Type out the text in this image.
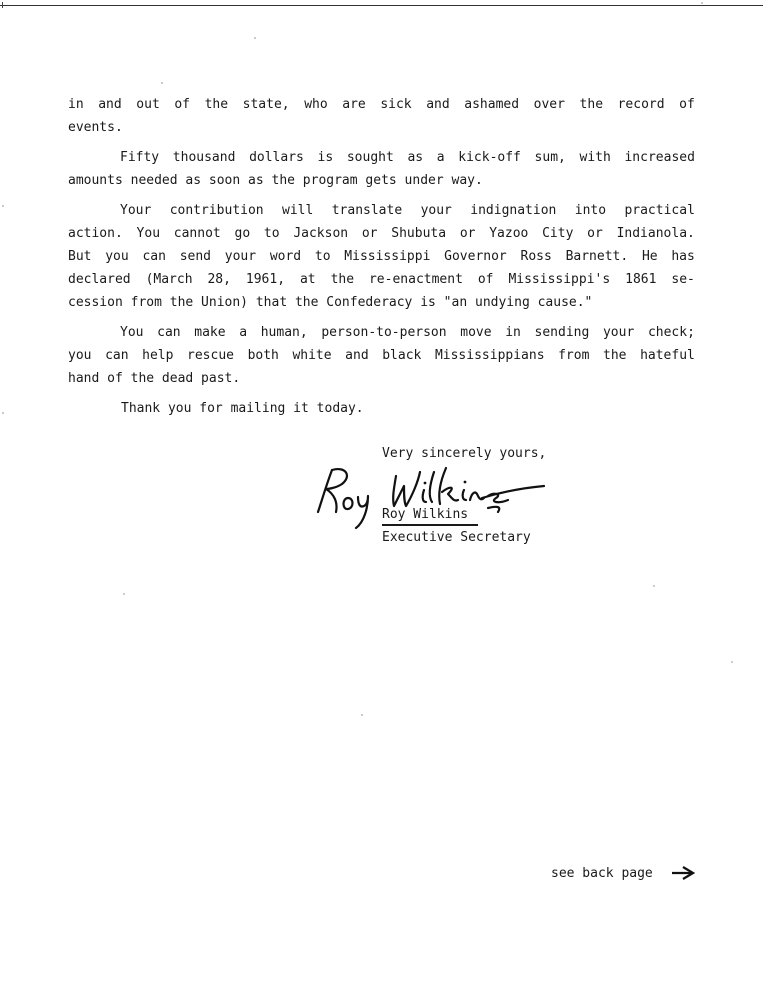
in and out of the state, who are sick and ashamed over the record of
events.
Fifty thousand dollars is sought as a kick-off sum, with increased
amounts needed as soon as the program gets under way.
Your contribution will translate your indignation into practical
action. You cannot go to Jackson or Shubuta or Yazoo City or Indianola.
But you can send your word to Mississippi Governor Ross Barnett. He has
declared (March 28, 1961, at the re-enactment of Mississippi's 1861 se-
cession from the Union) that the Confederacy is "an undying cause."
You can make a human, person-to-person move in sending your check;
you can help rescue both white and black Mississippians from the hateful
hand of the dead past.
Thank you for mailing it today.
Very sincerely yours,
Roy Wilkins
Executive Secretary
see back page
